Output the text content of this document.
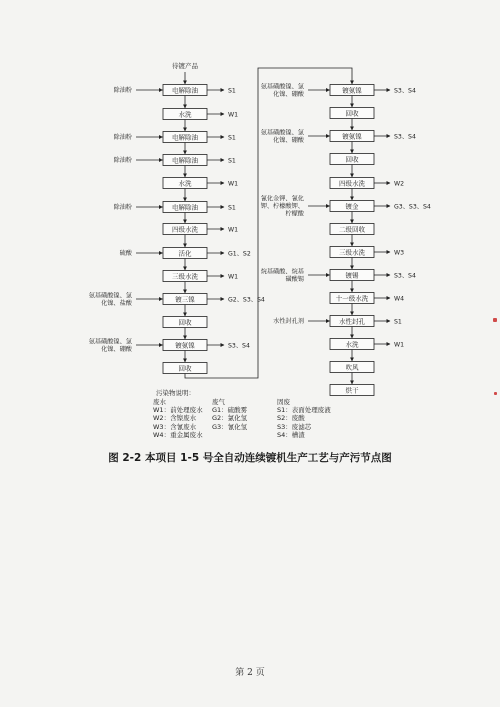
待镀产品
电解除油
除油粉	S1
水洗	W1
电解除油
除油粉	S1
电解除油
除油粉	S1
水洗	W1
电解除油
除油粉	S1
四级水洗	W1
活化
硫酸	G1、S2
三级水洗	W1
镀三镍
氨基磺酸镍、氯
化镍、盐酸	G2、S3、S4
回收
镀氨镍
氨基磺酸镍、氯
化镍、硼酸	S3、S4
回收
镀氨镍
氨基磺酸镍、氯
化镍、硼酸	S3、S4
回收
镀氨镍
氨基磺酸镍、氯
化镍、硼酸	S3、S4
回收
四级水洗	W2
镀金
氰化金钾、氰化
钾、柠檬酸钾、
柠檬酸
G3、S3、S4
二级回收
三级水洗	W3
镀锡
烷基磺酸、烷基
磺酸锡	S3、S4
十一级水洗	W4
水性封孔
水性封孔剂	S1
水洗	W1
吹风
烘干
污染物说明：
废水
W1：前处理废水
W2：含镍废水
W3：含氰废水
W4：重金属废水
废气
G1：硫酸雾
G2：氯化氢
G3：氰化氢
固废
S1：表面处理废液
S2：废酸
S3：废滤芯
S4：槽渣
图 2-2 本项目 1-5 号全自动连续镀机生产工艺与产污节点图
第 2 页
